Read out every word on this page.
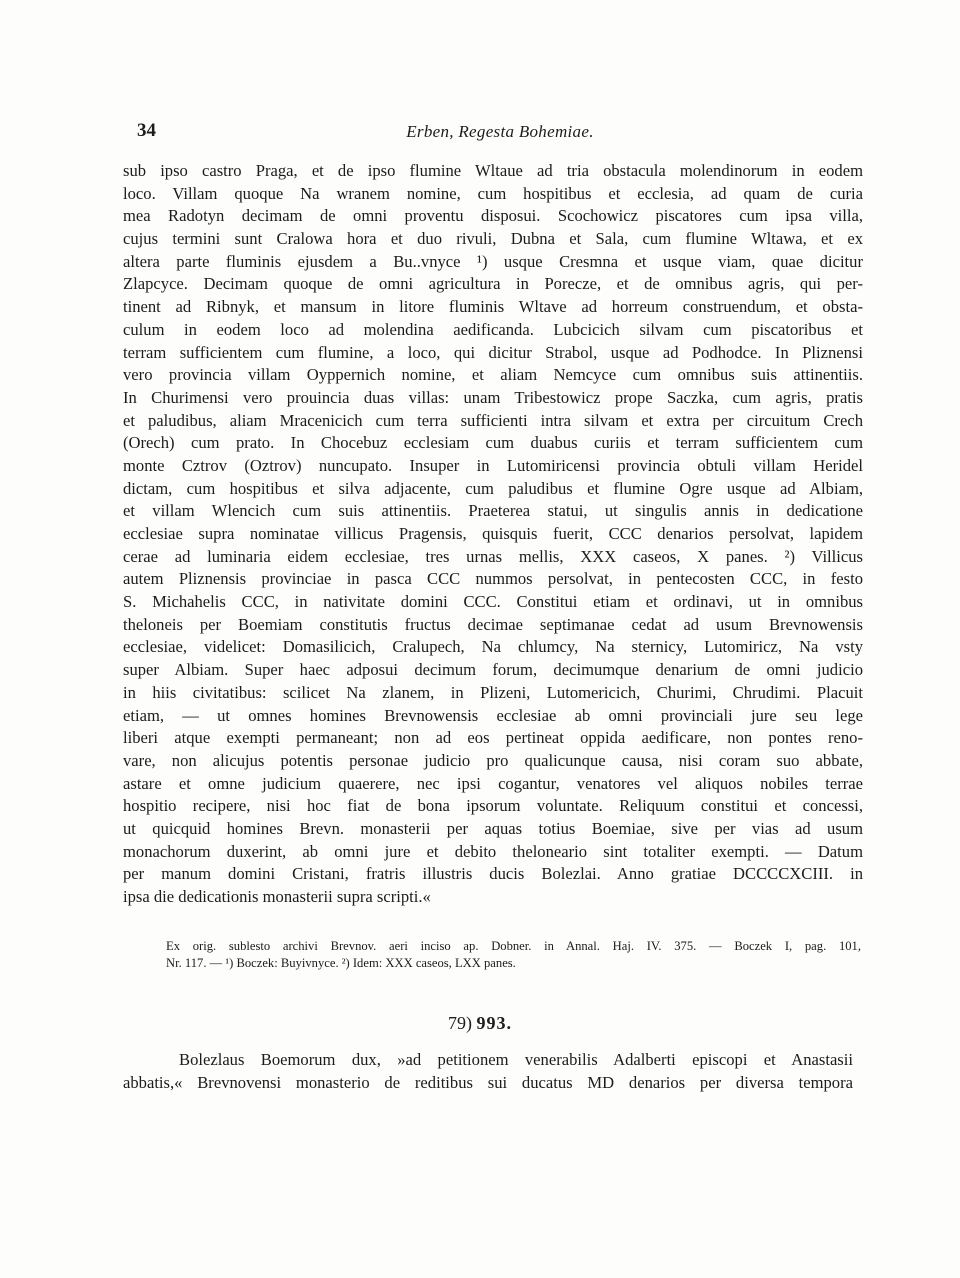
34	Erben, Regesta Bohemiae.
sub ipso castro Praga, et de ipso flumine Wltaue ad tria obstacula molendinorum in eodem
loco. Villam quoque Na wranem nomine, cum hospitibus et ecclesia, ad quam de curia
mea Radotyn decimam de omni proventu disposui. Scochowicz piscatores cum ipsa villa,
cujus termini sunt Cralowa hora et duo rivuli, Dubna et Sala, cum flumine Wltawa, et ex
altera parte fluminis ejusdem a Bu..vnyce ¹) usque Cresmna et usque viam, quae dicitur
Zlapcyce. Decimam quoque de omni agricultura in Porecze, et de omnibus agris, qui per-
tinent ad Ribnyk, et mansum in litore fluminis Wltave ad horreum construendum, et obsta-
culum in eodem loco ad molendina aedificanda. Lubcicich silvam cum piscatoribus et
terram sufficientem cum flumine, a loco, qui dicitur Strabol, usque ad Podhodce. In Pliznensi
vero provincia villam Oyppernich nomine, et aliam Nemcyce cum omnibus suis attinentiis.
In Churimensi vero prouincia duas villas: unam Tribestowicz prope Saczka, cum agris, pratis
et paludibus, aliam Mracenicich cum terra sufficienti intra silvam et extra per circuitum Crech
(Orech) cum prato. In Chocebuz ecclesiam cum duabus curiis et terram sufficientem cum
monte Cztrov (Oztrov) nuncupato. Insuper in Lutomiricensi provincia obtuli villam Heridel
dictam, cum hospitibus et silva adjacente, cum paludibus et flumine Ogre usque ad Albiam,
et villam Wlencich cum suis attinentiis. Praeterea statui, ut singulis annis in dedicatione
ecclesiae supra nominatae villicus Pragensis, quisquis fuerit, CCC denarios persolvat, lapidem
cerae ad luminaria eidem ecclesiae, tres urnas mellis, XXX caseos, X panes. ²) Villicus
autem Pliznensis provinciae in pasca CCC nummos persolvat, in pentecosten CCC, in festo
S. Michahelis CCC, in nativitate domini CCC. Constitui etiam et ordinavi, ut in omnibus
theloneis per Boemiam constitutis fructus decimae septimanae cedat ad usum Brevnowensis
ecclesiae, videlicet: Domasilicich, Cralupech, Na chlumcy, Na sternicy, Lutomiricz, Na vsty
super Albiam. Super haec adposui decimum forum, decimumque denarium de omni judicio
in hiis civitatibus: scilicet Na zlanem, in Plizeni, Lutomericich, Churimi, Chrudimi. Placuit
etiam, — ut omnes homines Brevnowensis ecclesiae ab omni provinciali jure seu lege
liberi atque exempti permaneant; non ad eos pertineat oppida aedificare, non pontes reno-
vare, non alicujus potentis personae judicio pro qualicunque causa, nisi coram suo abbate,
astare et omne judicium quaerere, nec ipsi cogantur, venatores vel aliquos nobiles terrae
hospitio recipere, nisi hoc fiat de bona ipsorum voluntate. Reliquum constitui et concessi,
ut quicquid homines Brevn. monasterii per aquas totius Boemiae, sive per vias ad usum
monachorum duxerint, ab omni jure et debito theloneario sint totaliter exempti. — Datum
per manum domini Cristani, fratris illustris ducis Bolezlai. Anno gratiae DCCCCXCIII. in
ipsa die dedicationis monasterii supra scripti.«
Ex orig. sublesto archivi Brevnov. aeri inciso ap. Dobner. in Annal. Haj. IV. 375. — Boczek I, pag. 101,
Nr. 117. — ¹) Boczek: Buyivnyce. ²) Idem: XXX caseos, LXX panes.
79) 993.
Bolezlaus Boemorum dux, »ad petitionem venerabilis Adalberti episcopi et Anastasii
abbatis,« Brevnovensi monasterio de reditibus sui ducatus MD denarios per diversa tempora
